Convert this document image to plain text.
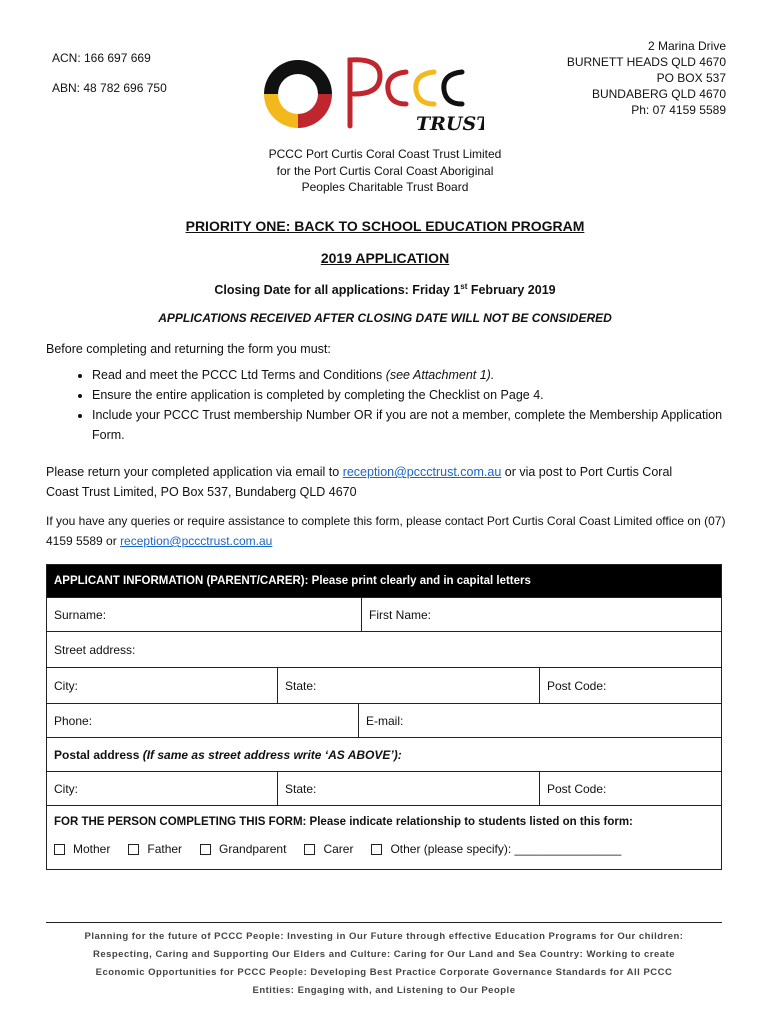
ACN: 166 697 669
ABN: 48 782 696 750
TRUST
2 Marina Drive
BURNETT HEADS QLD 4670
PO BOX 537
BUNDABERG QLD 4670
Ph: 07 4159 5589
PCCC Port Curtis Coral Coast Trust Limited
for the Port Curtis Coral Coast Aboriginal
Peoples Charitable Trust Board
PRIORITY ONE: BACK TO SCHOOL EDUCATION PROGRAM
2019 APPLICATION
Closing Date for all applications: Friday 1st February 2019
APPLICATIONS RECEIVED AFTER CLOSING DATE WILL NOT BE CONSIDERED

Before completing and returning the form you must:

• Read and meet the PCCC Ltd Terms and Conditions (see Attachment 1).
• Ensure the entire application is completed by completing the Checklist on Page 4.
• Include your PCCC Trust membership Number OR if you are not a member, complete the Membership Application Form.

Please return your completed application via email to reception@pccctrust.com.au or via post to Port Curtis Coral Coast Trust Limited, PO Box 537, Bundaberg QLD 4670

If you have any queries or require assistance to complete this form, please contact Port Curtis Coral Coast Limited office on (07) 4159 5589 or reception@pccctrust.com.au

APPLICANT INFORMATION (PARENT/CARER): Please print clearly and in capital letters
Surname:	First Name:
Street address:
City:	State:	Post Code:
Phone:	E-mail:
Postal address
(If same as street address write ‘AS ABOVE’):
City:	State:	Post Code:
FOR THE PERSON COMPLETING THIS FORM: Please indicate relationship to students listed on this form:
Mother	Father	Grandparent	Carer	Other (please specify): ________________
Planning for the future of PCCC People: Investing in Our Future through effective Education Programs for Our children:
Respecting, Caring and Supporting Our Elders and Culture: Caring for Our Land and Sea Country: Working to create
Economic Opportunities for PCCC People: Developing Best Practice Corporate Governance Standards for All PCCC
Entities: Engaging with, and Listening to Our People
